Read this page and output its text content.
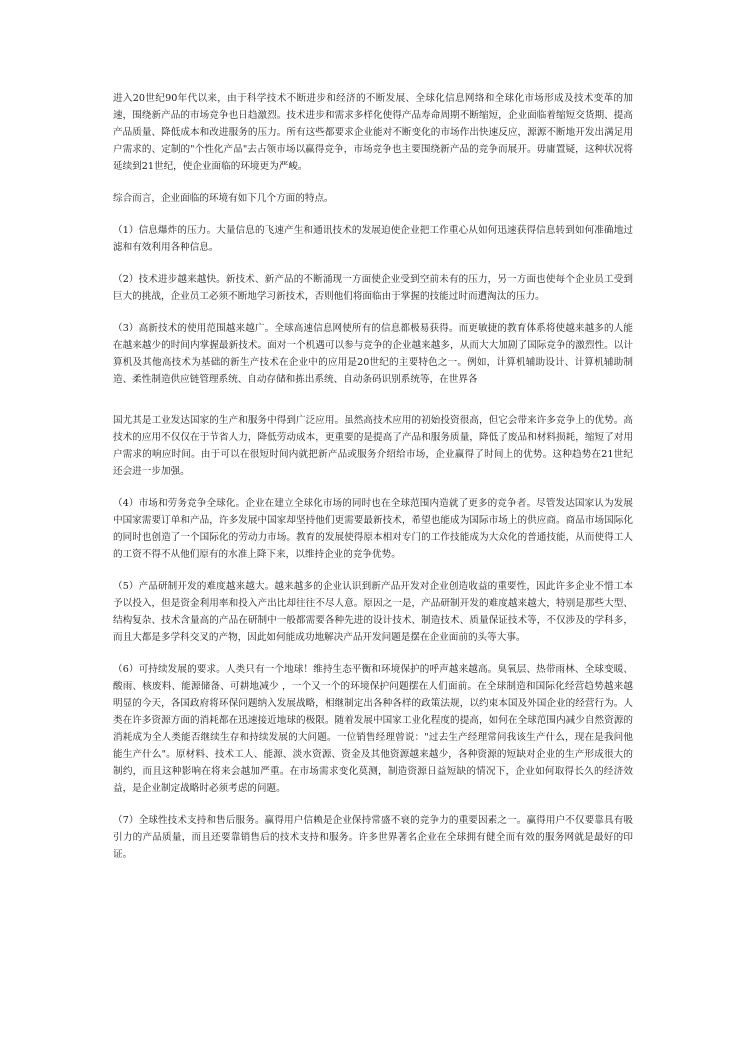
进入20世纪90年代以来，由于科学技术不断进步和经济的不断发展、全球化信息网络和全球化市场形成及技术变革的加速，围绕新产品的市场竞争也日趋激烈。技术进步和需求多样化使得产品寿命周期不断缩短，企业面临着缩短交货期、提高产品质量、降低成本和改进服务的压力。所有这些都要求企业能对不断变化的市场作出快速反应，源源不断地开发出满足用户需求的、定制的"个性化产品"去占领市场以赢得竞争，市场竞争也主要围绕新产品的竞争而展开。毋庸置疑，这种状况将延续到21世纪，使企业面临的环境更为严峻。

综合而言，企业面临的环境有如下几个方面的特点。

（1）信息爆炸的压力。大量信息的飞速产生和通讯技术的发展迫使企业把工作重心从如何迅速获得信息转到如何准确地过滤和有效利用各种信息。

（2）技术进步越来越快。新技术、新产品的不断涌现一方面使企业受到空前未有的压力，另一方面也使每个企业员工受到巨大的挑战，企业员工必须不断地学习新技术，否则他们将面临由于掌握的技能过时而遭淘汰的压力。

（3）高新技术的使用范围越来越广。全球高速信息网使所有的信息都极易获得。而更敏捷的教育体系将使越来越多的人能在越来越少的时间内掌握最新技术。面对一个机遇可以参与竞争的企业越来越多，从而大大加剧了国际竞争的激烈性。以计算机及其他高技术为基础的新生产技术在企业中的应用是20世纪的主要特色之一。例如，计算机辅助设计、计算机辅助制造、柔性制造供应链管理系统、自动存储和拣出系统、自动条码识别系统等，在世界各

国尤其是工业发达国家的生产和服务中得到广泛应用。虽然高技术应用的初始投资很高，但它会带来许多竞争上的优势。高技术的应用不仅仅在于节省人力，降低劳动成本，更重要的是提高了产品和服务质量，降低了废品和材料损耗，缩短了对用户需求的响应时间。由于可以在很短时间内就把新产品或服务介绍给市场，企业赢得了时间上的优势。这种趋势在21世纪还会进一步加强。

（4）市场和劳务竞争全球化。企业在建立全球化市场的同时也在全球范围内造就了更多的竞争者。尽管发达国家认为发展中国家需要订单和产品，许多发展中国家却坚持他们更需要最新技术，希望也能成为国际市场上的供应商。商品市场国际化的同时也创造了一个国际化的劳动力市场。教育的发展使得原本相对专门的工作技能成为大众化的普通技能，从而使得工人的工资不得不从他们原有的水准上降下来，以维持企业的竞争优势。

（5）产品研制开发的难度越来越大。越来越多的企业认识到新产品开发对企业创造收益的重要性，因此许多企业不惜工本予以投入，但是资金利用率和投入产出比却往往不尽人意。原因之一是，产品研制开发的难度越来越大，特别是那些大型、结构复杂、技术含量高的产品在研制中一般都需要各种先进的设计技术、制造技术、质量保证技术等，不仅涉及的学科多，而且大都是多学科交叉的产物，因此如何能成功地解决产品开发问题是摆在企业面前的头等大事。

（6）可持续发展的要求。人类只有一个地球！维持生态平衡和环境保护的呼声越来越高。臭氧层、热带雨林、全球变暖、酸雨、核废料、能源储备、可耕地减少 ，一个又一个的环境保护问题摆在人们面前。在全球制造和国际化经营趋势越来越明显的今天，各国政府将环保问题纳入发展战略，相继制定出各种各样的政策法规，以约束本国及外国企业的经营行为。人类在许多资源方面的消耗都在迅速接近地球的极限。随着发展中国家工业化程度的提高，如何在全球范围内减少自然资源的消耗成为全人类能否继续生存和持续发展的大问题。一位销售经理曾说："过去生产经理常问我该生产什么，现在是我问他能生产什么"。原材料、技术工人、能源、淡水资源、资金及其他资源越来越少，各种资源的短缺对企业的生产形成很大的制约，而且这种影响在将来会越加严重。在市场需求变化莫测，制造资源日益短缺的情况下，企业如何取得长久的经济效益，是企业制定战略时必须考虑的问题。

（7）全球性技术支持和售后服务。赢得用户信赖是企业保持常盛不衰的竞争力的重要因素之一。赢得用户不仅要靠具有吸引力的产品质量，而且还要靠销售后的技术支持和服务。许多世界著名企业在全球拥有健全而有效的服务网就是最好的印证。
